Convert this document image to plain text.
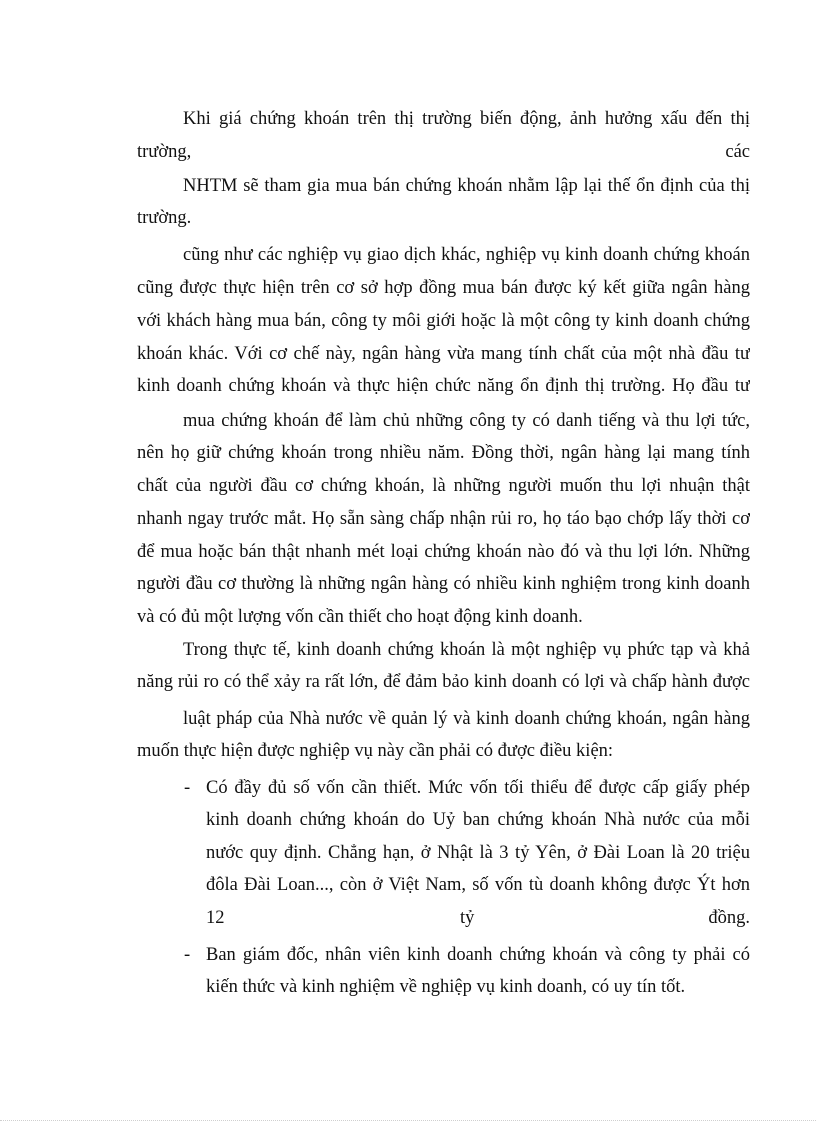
Khi giá chứng khoán trên thị trường biến động, ảnh hưởng xấu đến thị
trường,	các
NHTM sẽ tham gia mua bán chứng khoán nhằm lập lại thế ổn định của thị
trường.
cũng như các nghiệp vụ giao dịch khác, nghiệp vụ kinh doanh chứng khoán
cũng được thực hiện trên cơ sở hợp đồng mua bán được ký kết giữa ngân hàng
với khách hàng mua bán, công ty môi giới hoặc là một công ty kinh doanh chứng
khoán khác. Với cơ chế này, ngân hàng vừa mang tính chất của một nhà đầu tư
kinh doanh chứng khoán và thực hiện chức năng ổn định thị trường. Họ đầu tư
mua chứng khoán để làm chủ những công ty có danh tiếng và thu lợi tức,
nên họ giữ chứng khoán trong nhiều năm. Đồng thời, ngân hàng lại mang tính
chất của người đầu cơ chứng khoán, là những người muốn thu lợi nhuận thật
nhanh ngay trước mắt. Họ sẵn sàng chấp nhận rủi ro, họ táo bạo chớp lấy thời cơ
để mua hoặc bán thật nhanh mét loại chứng khoán nào đó và thu lợi lớn. Những
người đầu cơ thường là những ngân hàng có nhiều kinh nghiệm trong kinh doanh
và có đủ một lượng vốn cần thiết cho hoạt động kinh doanh.
Trong thực tế, kinh doanh chứng khoán là một nghiệp vụ phức tạp và khả
năng rủi ro có thể xảy ra rất lớn, để đảm bảo kinh doanh có lợi và chấp hành được
luật pháp của Nhà nước về quản lý và kinh doanh chứng khoán, ngân hàng
muốn thực hiện được nghiệp vụ này cần phải có được điều kiện:
- Có đầy đủ số vốn cần thiết. Mức vốn tối thiểu để được cấp giấy phép
kinh doanh chứng khoán do Uỷ ban chứng khoán Nhà nước của mỗi
nước quy định. Chẳng hạn, ở Nhật là 3 tỷ Yên, ở Đài Loan là 20 triệu
đôla Đài Loan..., còn ở Việt Nam, số vốn tù doanh không được Ýt hơn
12	tỷ	đồng.
- Ban giám đốc, nhân viên kinh doanh chứng khoán và công ty phải có
kiến thức và kinh nghiệm về nghiệp vụ kinh doanh, có uy tín tốt.
